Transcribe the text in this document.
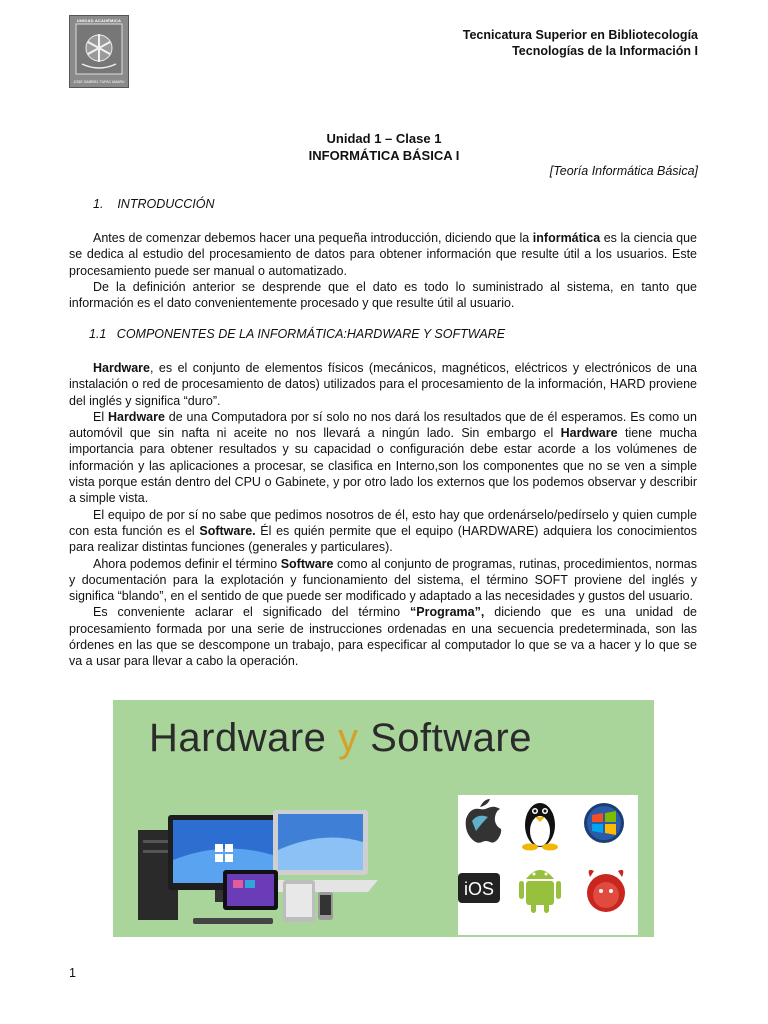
UNIDAD ACADÉMICA
JOSÉ GABRIEL TUPAC AMARU
Tecnicatura Superior en Bibliotecología
Tecnologías de la Información I
Unidad 1 – Clase 1
INFORMÁTICA BÁSICA I
[Teoría Informática Básica]
1.    INTRODUCCIÓN

Antes de comenzar debemos hacer una pequeña introducción, diciendo que la informática es la ciencia que se dedica al estudio del procesamiento de datos para obtener información que resulte útil a los usuarios. Este procesamiento puede ser manual o automatizado.

De la definición anterior se desprende que el dato es todo lo suministrado al sistema, en tanto que información es el dato convenientemente procesado y que resulte útil al usuario.

1.1   COMPONENTES DE LA INFORMÁTICA:HARDWARE Y SOFTWARE

Hardware, es el conjunto de elementos físicos (mecánicos, magnéticos, eléctricos y electrónicos de una instalación o red de procesamiento de datos) utilizados para el procesamiento de la información, HARD proviene del inglés y significa “duro”.

El Hardware de una Computadora por sí solo no nos dará los resultados que de él esperamos. Es como un automóvil que sin nafta ni aceite no nos llevará a ningún lado. Sin embargo el Hardware tiene mucha importancia para obtener resultados y su capacidad o configuración debe estar acorde a los volúmenes de información y las aplicaciones a procesar, se clasifica en Interno,son los componentes que no se ven a simple vista porque están dentro del CPU o Gabinete, y por otro lado los externos que los podemos observar y describir a simple vista.

El equipo de por sí no sabe que pedimos nosotros de él, esto hay que ordenárselo/pedírselo y quien cumple con esta función es el Software. Él es quién permite que el equipo (HARDWARE) adquiera los conocimientos para realizar distintas funciones (generales y particulares).

Ahora podemos definir el término Software como al conjunto de programas, rutinas, procedimientos, normas y documentación para la explotación y funcionamiento del sistema, el término SOFT proviene del inglés y significa “blando”, en el sentido de que puede ser modificado y adaptado a las necesidades y gustos del usuario.

Es conveniente aclarar el significado del término “Programa”, diciendo que es una unidad de procesamiento formada por una serie de instrucciones ordenadas en una secuencia predeterminada, son las órdenes en las que se descompone un trabajo, para especificar al computador lo que se va a hacer y lo que se va a usar para llevar a cabo la operación.

Hardware y Software
iOS
1
